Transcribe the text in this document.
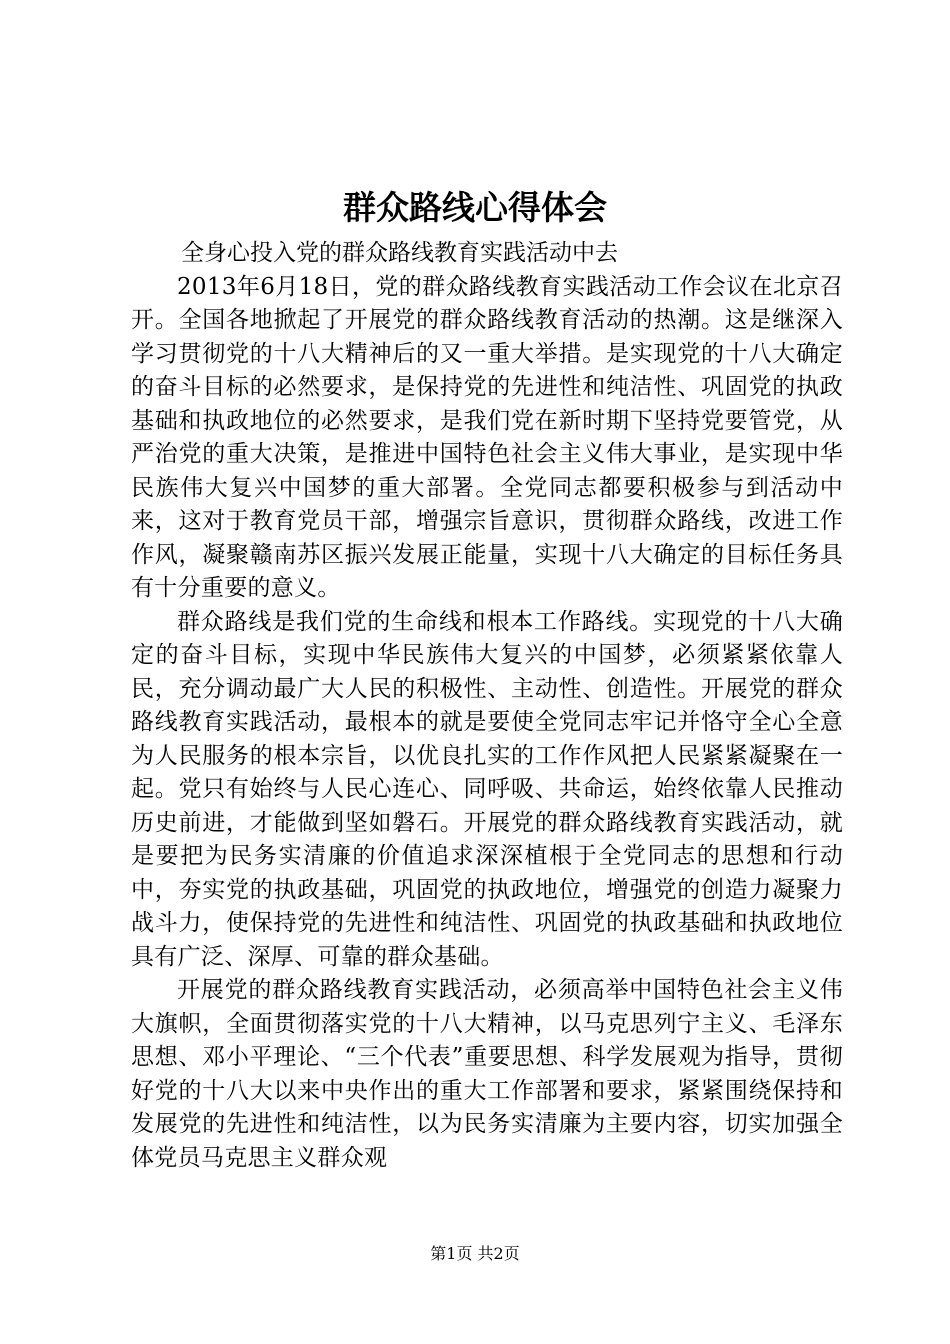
群众路线心得体会

全身心投入党的群众路线教育实践活动中去

2013年6月18日，党的群众路线教育实践活动工作会议在北京召开。全国各地掀起了开展党的群众路线教育活动的热潮。这是继深入学习贯彻党的十八大精神后的又一重大举措。是实现党的十八大确定的奋斗目标的必然要求，是保持党的先进性和纯洁性、巩固党的执政基础和执政地位的必然要求，是我们党在新时期下坚持党要管党，从严治党的重大决策，是推进中国特色社会主义伟大事业，是实现中华民族伟大复兴中国梦的重大部署。全党同志都要积极参与到活动中来，这对于教育党员干部，增强宗旨意识，贯彻群众路线，改进工作作风，凝聚赣南苏区振兴发展正能量，实现十八大确定的目标任务具有十分重要的意义。

群众路线是我们党的生命线和根本工作路线。实现党的十八大确定的奋斗目标，实现中华民族伟大复兴的中国梦，必须紧紧依靠人民，充分调动最广大人民的积极性、主动性、创造性。开展党的群众路线教育实践活动，最根本的就是要使全党同志牢记并恪守全心全意为人民服务的根本宗旨，以优良扎实的工作作风把人民紧紧凝聚在一起。党只有始终与人民心连心、同呼吸、共命运，始终依靠人民推动历史前进，才能做到坚如磐石。开展党的群众路线教育实践活动，就是要把为民务实清廉的价值追求深深植根于全党同志的思想和行动中，夯实党的执政基础，巩固党的执政地位，增强党的创造力凝聚力战斗力，使保持党的先进性和纯洁性、巩固党的执政基础和执政地位具有广泛、深厚、可靠的群众基础。

开展党的群众路线教育实践活动，必须高举中国特色社会主义伟大旗帜，全面贯彻落实党的十八大精神，以马克思列宁主义、毛泽东思想、邓小平理论、“三个代表”重要思想、科学发展观为指导，贯彻好党的十八大以来中央作出的重大工作部署和要求，紧紧围绕保持和发展党的先进性和纯洁性，以为民务实清廉为主要内容，切实加强全体党员马克思主义群众观

第1页 共2页
